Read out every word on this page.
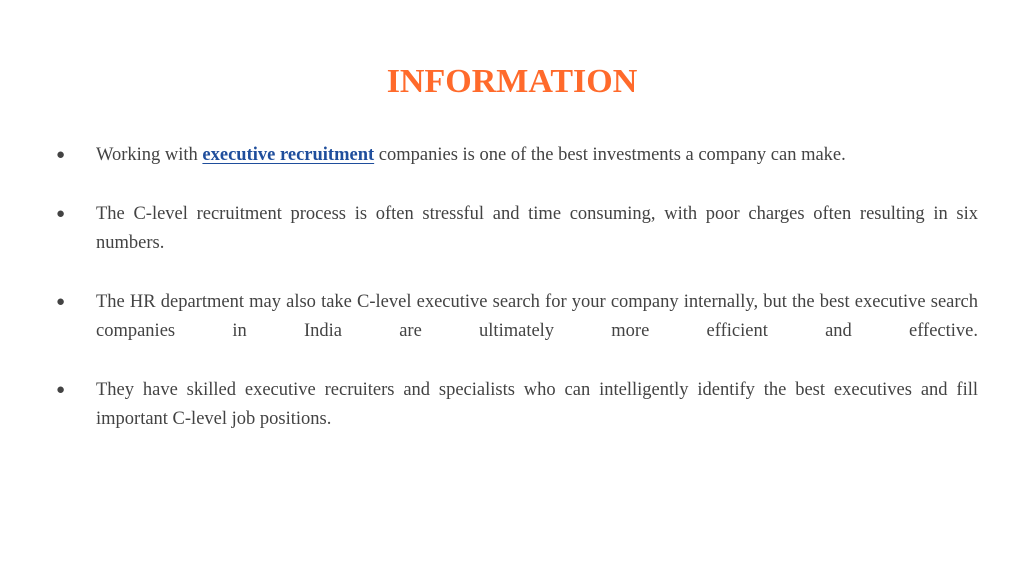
INFORMATION
● Working with executive recruitment companies is one of the best investments a company can make.
● The C-level recruitment process is often stressful and time consuming, with poor charges often resulting in six numbers.
● The HR department may also take C-level executive search for your company internally, but the best executive search companies in India are ultimately more efficient and effective.
● They have skilled executive recruiters and specialists who can intelligently identify the best executives and fill important C-level job positions.
